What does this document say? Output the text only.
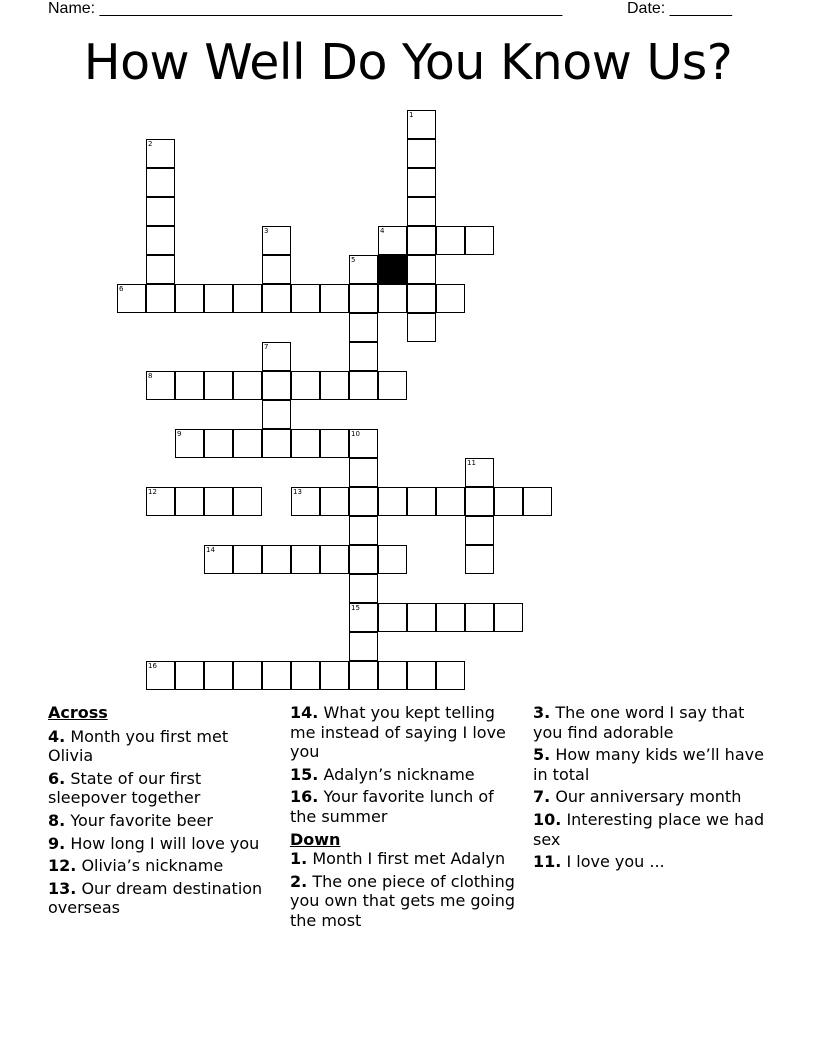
Name: ____________________________________________________	Date: _______
How Well Do You Know Us?
1
2
3	4
5
6
7
8
9	10
15
11
12	13
14
16

Across

4. Month you first met Olivia

6. State of our first sleepover together

8. Your favorite beer

9. How long I will love you

12. Olivia’s nickname

13. Our dream destination overseas

14. What you kept telling me instead of saying I love you

15. Adalyn’s nickname

16. Your favorite lunch of the summer

Down

1. Month I first met Adalyn

2. The one piece of clothing you own that gets me going the most

3. The one word I say that you find adorable

5. How many kids we’ll have in total

7. Our anniversary month

10. Interesting place we had sex

11. I love you ...
